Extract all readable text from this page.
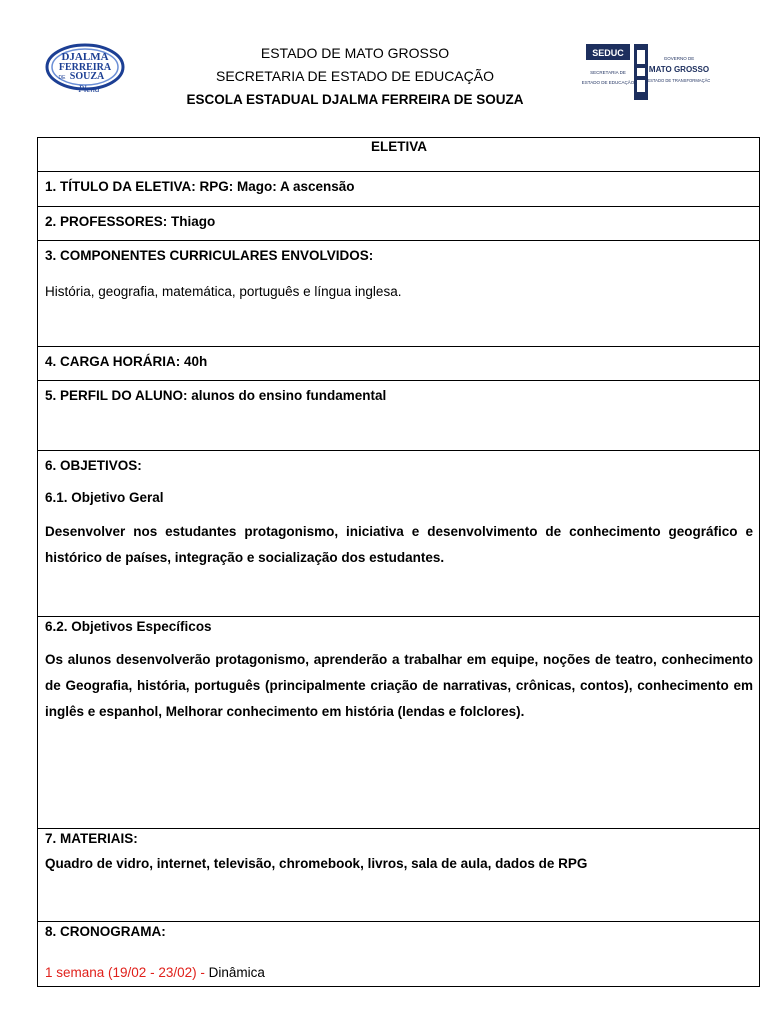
DJALMA
FERREIRA
DE SOUZA
Plena
ESTADO DE MATO GROSSO
SECRETARIA DE ESTADO DE EDUCAÇÃO
ESCOLA ESTADUAL DJALMA FERREIRA DE SOUZA
SEDUC
SECRETARIA DE
ESTADO DE EDUCAÇÃO
GOVERNO DE
MATO GROSSO
ESTADO DE TRANSFORMAÇÃO
ELETIVA
1. TÍTULO DA ELETIVA: RPG: Mago: A ascensão
2. PROFESSORES: Thiago

3. COMPONENTES CURRICULARES ENVOLVIDOS:
História, geografia, matemática, português e língua inglesa.

4. CARGA HORÁRIA: 40h
5. PERFIL DO ALUNO: alunos do ensino fundamental

6. OBJETIVOS:
6.1. Objetivo Geral
Desenvolver nos estudantes protagonismo, iniciativa e desenvolvimento de conhecimento geográfico e histórico de países, integração e socialização dos estudantes.

6.2. Objetivos Específicos
Os alunos desenvolverão protagonismo, aprenderão a trabalhar em equipe, noções de teatro, conhecimento de Geografia, história, português (principalmente criação de narrativas, crônicas, contos), conhecimento em inglês e espanhol, Melhorar conhecimento em história (lendas e folclores).

7. MATERIAIS:
Quadro de vidro, internet, televisão, chromebook, livros, sala de aula, dados de RPG

8. CRONOGRAMA:
1 semana (19/02 - 23/02) - Dinâmica
